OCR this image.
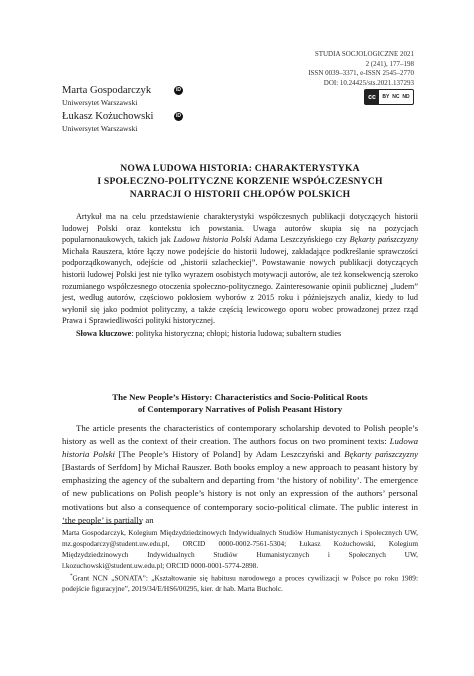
STUDIA SOCJOLOGICZNE 2021
2 (241), 177–198
ISSN 0039–3371, e-ISSN 2545–2770
DOI: 10.24425/sts.2021.137293
cc	BY NC ND
Marta Gospodarczyk	iD
Uniwersytet Warszawski
Łukasz Kożuchowski	iD
Uniwersytet Warszawski
NOWA LUDOWA HISTORIA: CHARAKTERYSTYKA
I SPOŁECZNO-POLITYCZNE KORZENIE WSPÓŁCZESNYCH
NARRACJI O HISTORII CHŁOPÓW POLSKICH

Artykuł ma na celu przedstawienie charakterystyki współczesnych publikacji dotyczących historii ludowej Polski oraz kontekstu ich powstania. Uwaga autorów skupia się na pozycjach popularnonaukowych, takich jak Ludowa historia Polski Adama Leszczyńskiego czy Bękarty pańszczyzny Michała Rauszera, które łączy nowe podejście do historii ludowej, zakładające podkreślanie sprawczości podporządkowanych, odejście od „historii szlacheckiej”. Powstawanie nowych publikacji dotyczących historii ludowej Polski jest nie tylko wyrazem osobistych motywacji autorów, ale też konsekwencją szeroko rozumianego współczesnego otoczenia społeczno-politycznego. Zainteresowanie opinii publicznej „ludem” jest, według autorów, częściowo pokłosiem wyborów z 2015 roku i późniejszych analiz, kiedy to lud wyłonił się jako podmiot polityczny, a także częścią lewicowego oporu wobec prowadzonej przez rząd Prawa i Sprawiedliwości polityki historycznej.

Słowa kluczowe: polityka historyczna; chłopi; historia ludowa; subaltern studies
The New People’s History: Characteristics and Socio-Political Roots
of Contemporary Narratives of Polish Peasant History

The article presents the characteristics of contemporary scholarship devoted to Polish people’s history as well as the context of their creation. The authors focus on two prominent texts: Ludowa historia Polski [The People’s History of Poland] by Adam Leszczyński and Bękarty pańszczyzny [Bastards of Serfdom] by Michał Rauszer. Both books employ a new approach to peasant history by emphasizing the agency of the subaltern and departing from ‘the history of nobility’. The emergence of new publications on Polish people’s history is not only an expression of the authors’ personal motivations but also a consequence of contemporary socio-political climate. The public interest in ‘the people’ is partially an

Marta Gospodarczyk, Kolegium Międzydziedzinowych Indywidualnych Studiów Humanistycznych i Społecznych UW, mz.gospodarczy@student.uw.edu.pl, ORCID 0000-0002-7561-5304; Łukasz Kożuchowski, Kolegium Międzydziedzinowych Indywidualnych Studiów Humanistycznych i Społecznych UW, l.kozuchowski@student.uw.edu.pl; ORCID 0000-0001-5774-2898.

*Grant NCN „SONATA”: „Kształtowanie się habitusu narodowego a proces cywilizacji w Polsce po roku 1989: podejście figuracyjne”, 2019/34/E/HS6/00295, kier. dr hab. Marta Bucholc.
